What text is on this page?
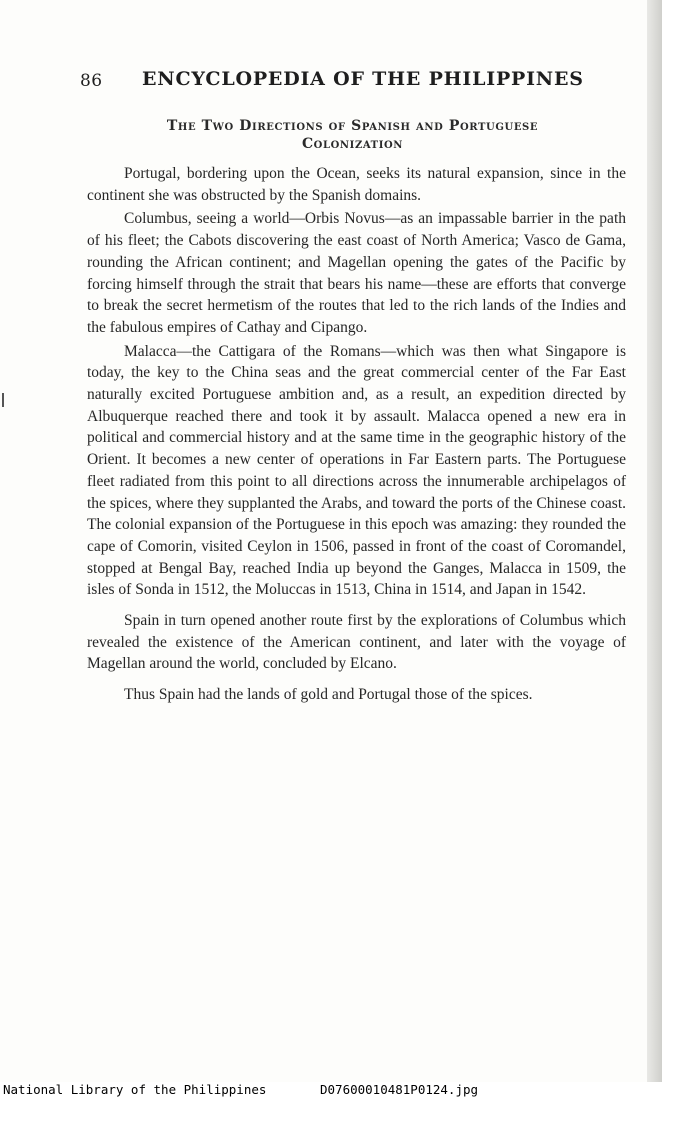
86 ENCYCLOPEDIA OF THE PHILIPPINES
The Two Directions of Spanish and Portuguese
Colonization

Portugal, bordering upon the Ocean, seeks its natural expansion, since in the continent she was obstructed by the Spanish domains.

Columbus, seeing a world—Orbis Novus—as an impassable barrier in the path of his fleet; the Cabots discovering the east coast of North America; Vasco de Gama, rounding the African continent; and Magellan opening the gates of the Pacific by forcing himself through the strait that bears his name—these are efforts that converge to break the secret hermetism of the routes that led to the rich lands of the Indies and the fabulous empires of Cathay and Cipango.

Malacca—the Cattigara of the Romans—which was then what Singapore is today, the key to the China seas and the great commercial center of the Far East naturally excited Portuguese ambition and, as a result, an expedition directed by Albuquerque reached there and took it by assault. Malacca opened a new era in political and commercial history and at the same time in the geographic history of the Orient. It becomes a new center of operations in Far Eastern parts. The Portuguese fleet radiated from this point to all directions across the innumerable archipelagos of the spices, where they supplanted the Arabs, and toward the ports of the Chinese coast. The colonial expansion of the Portuguese in this epoch was amazing: they rounded the cape of Comorin, visited Ceylon in 1506, passed in front of the coast of Coromandel, stopped at Bengal Bay, reached India up beyond the Ganges, Malacca in 1509, the isles of Sonda in 1512, the Moluccas in 1513, China in 1514, and Japan in 1542.

Spain in turn opened another route first by the explorations of Columbus which revealed the existence of the American continent, and later with the voyage of Magellan around the world, concluded by Elcano.

Thus Spain had the lands of gold and Portugal those of the spices.

National Library of the Philippines

	D07600010481P0124.jpg
